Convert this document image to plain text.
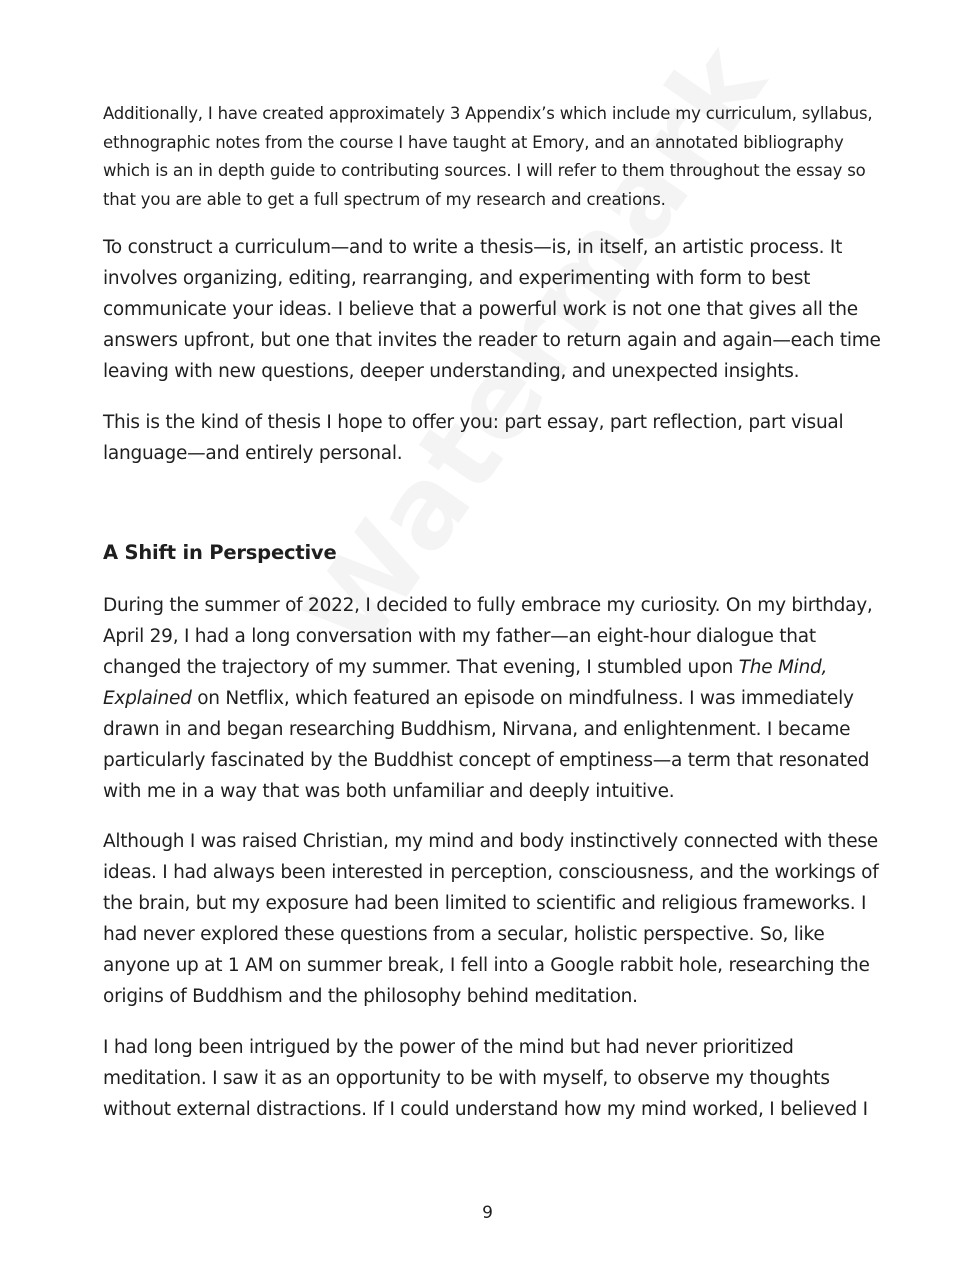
Additionally, I have created approximately 3 Appendix’s which include my curriculum, syllabus, ethnographic notes from the course I have taught at Emory, and an annotated bibliography which is an in depth guide to contributing sources. I will refer to them throughout the essay so that you are able to get a full spectrum of my research and creations.

To construct a curriculum—and to write a thesis—is, in itself, an artistic process. It involves organizing, editing, rearranging, and experimenting with form to best communicate your ideas. I believe that a powerful work is not one that gives all the answers upfront, but one that invites the reader to return again and again—each time leaving with new questions, deeper understanding, and unexpected insights.

This is the kind of thesis I hope to offer you: part essay, part reflection, part visual language—and entirely personal.

A Shift in Perspective

During the summer of 2022, I decided to fully embrace my curiosity. On my birthday, April 29, I had a long conversation with my father—an eight-hour dialogue that changed the trajectory of my summer. That evening, I stumbled upon The Mind, Explained on Netflix, which featured an episode on mindfulness. I was immediately drawn in and began researching Buddhism, Nirvana, and enlightenment. I became particularly fascinated by the Buddhist concept of emptiness—a term that resonated with me in a way that was both unfamiliar and deeply intuitive.

Although I was raised Christian, my mind and body instinctively connected with these ideas. I had always been interested in perception, consciousness, and the workings of the brain, but my exposure had been limited to scientific and religious frameworks. I had never explored these questions from a secular, holistic perspective. So, like anyone up at 1 AM on summer break, I fell into a Google rabbit hole, researching the origins of Buddhism and the philosophy behind meditation.

I had long been intrigued by the power of the mind but had never prioritized meditation. I saw it as an opportunity to be with myself, to observe my thoughts without external distractions. If I could understand how my mind worked, I believed I

9
